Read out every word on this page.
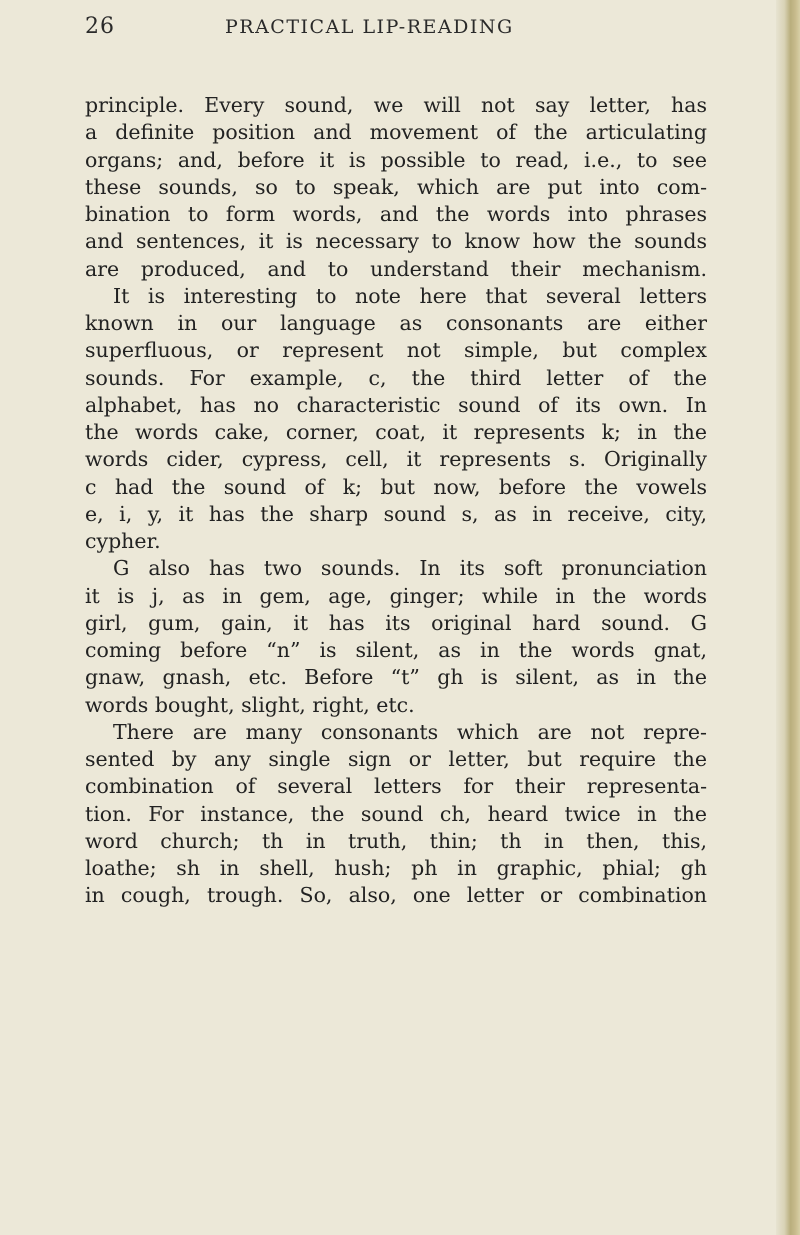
26	PRACTICAL LIP-READING
principle. Every sound, we will not say letter, has
a definite position and movement of the articulating
organs; and, before it is possible to read, i.e., to see
these sounds, so to speak, which are put into com-
bination to form words, and the words into phrases
and sentences, it is necessary to know how the sounds
are produced, and to understand their mechanism.
It is interesting to note here that several letters
known in our language as consonants are either
superfluous, or represent not simple, but complex
sounds. For example, c, the third letter of the
alphabet, has no characteristic sound of its own. In
the words cake, corner, coat, it represents k; in the
words cider, cypress, cell, it represents s. Originally
c had the sound of k; but now, before the vowels
e, i, y, it has the sharp sound s, as in receive, city,
cypher.
G also has two sounds. In its soft pronunciation
it is j, as in gem, age, ginger; while in the words
girl, gum, gain, it has its original hard sound. G
coming before “n” is silent, as in the words gnat,
gnaw, gnash, etc. Before “t” gh is silent, as in the
words bought, slight, right, etc.
There are many consonants which are not repre-
sented by any single sign or letter, but require the
combination of several letters for their representa-
tion. For instance, the sound ch, heard twice in the
word church; th in truth, thin; th in then, this,
loathe; sh in shell, hush; ph in graphic, phial; gh
in cough, trough. So, also, one letter or combination
